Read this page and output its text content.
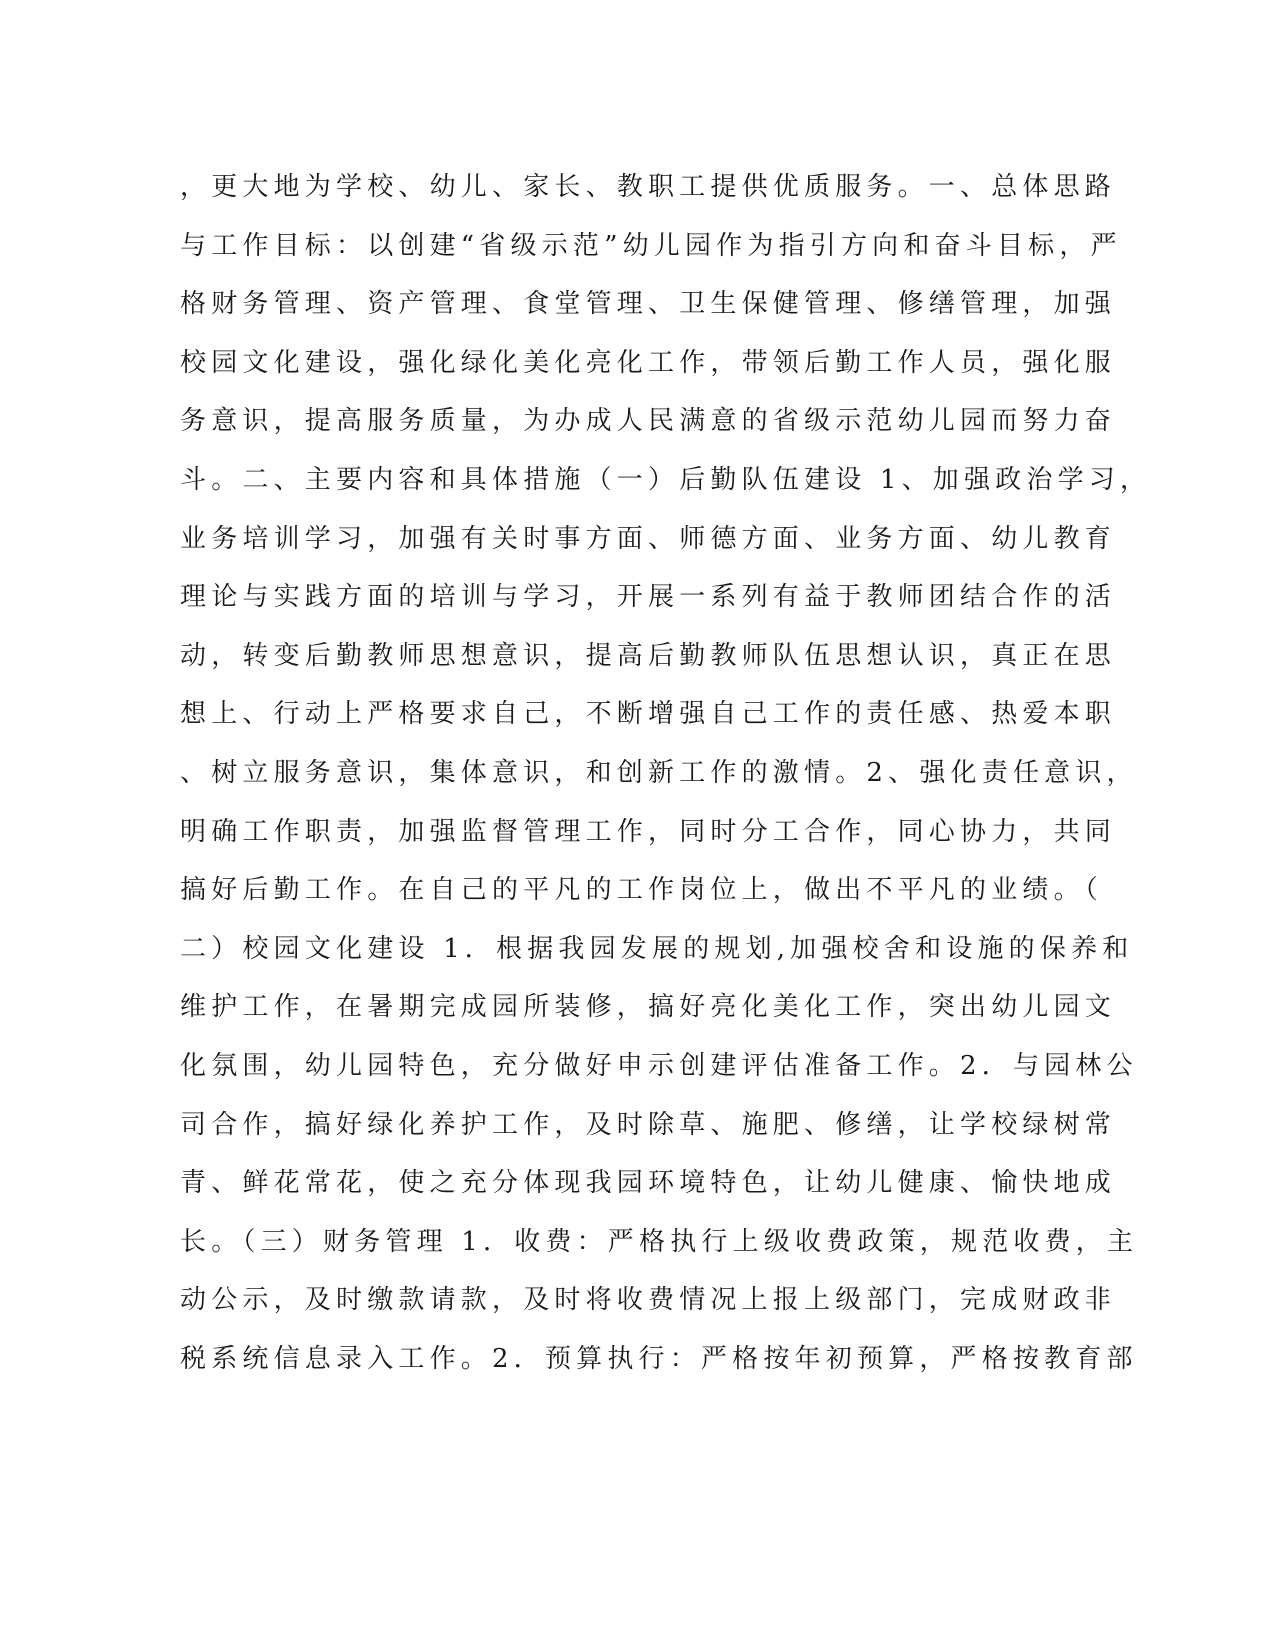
，更大地为学校、幼儿、家长、教职工提供优质服务。一、总体思路
与工作目标：以创建“省级示范”幼儿园作为指引方向和奋斗目标，严
格财务管理、资产管理、食堂管理、卫生保健管理、修缮管理，加强
校园文化建设，强化绿化美化亮化工作，带领后勤工作人员，强化服
务意识，提高服务质量，为办成人民满意的省级示范幼儿园而努力奋
斗。二、主要内容和具体措施（一）后勤队伍建设 1、加强政治学习，
业务培训学习，加强有关时事方面、师德方面、业务方面、幼儿教育
理论与实践方面的培训与学习，开展一系列有益于教师团结合作的活
动，转变后勤教师思想意识，提高后勤教师队伍思想认识，真正在思
想上、行动上严格要求自己，不断增强自己工作的责任感、热爱本职
、树立服务意识，集体意识，和创新工作的激情。2、强化责任意识，
明确工作职责，加强监督管理工作，同时分工合作，同心协力，共同
搞好后勤工作。在自己的平凡的工作岗位上，做出不平凡的业绩。（
二）校园文化建设 1．根据我园发展的规划,加强校舍和设施的保养和
维护工作，在暑期完成园所装修，搞好亮化美化工作，突出幼儿园文
化氛围，幼儿园特色，充分做好申示创建评估准备工作。2．与园林公
司合作，搞好绿化养护工作，及时除草、施肥、修缮，让学校绿树常
青、鲜花常花，使之充分体现我园环境特色，让幼儿健康、愉快地成
长。（三）财务管理 1．收费：严格执行上级收费政策，规范收费，主
动公示，及时缴款请款，及时将收费情况上报上级部门，完成财政非
税系统信息录入工作。2．预算执行：严格按年初预算，严格按教育部
